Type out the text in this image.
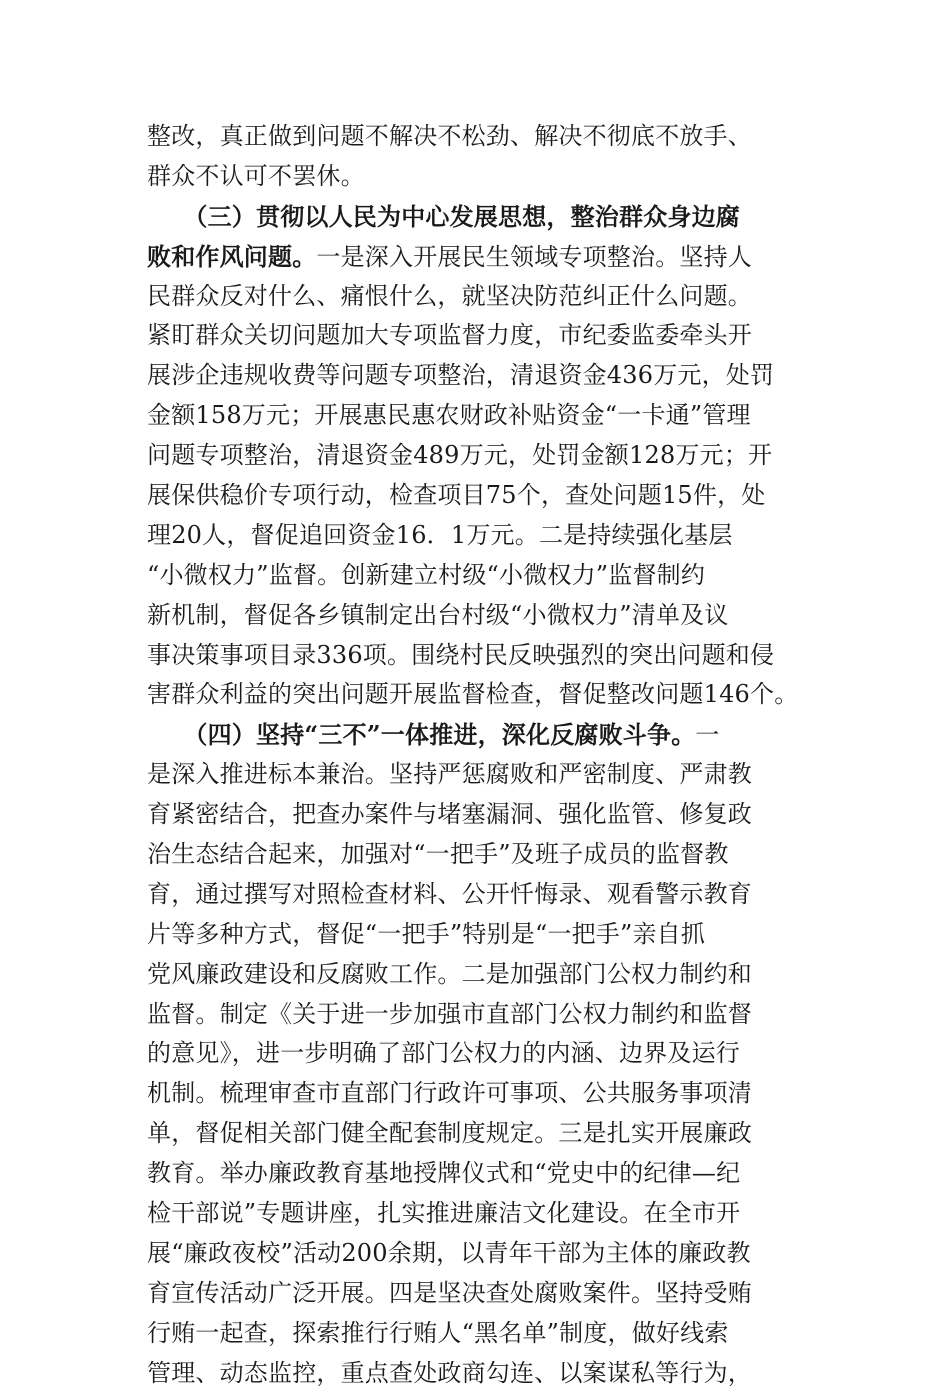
整改，真正做到问题不解决不松劲、解决不彻底不放手、
群众不认可不罢休。
　　（三）贯彻以人民为中心发展思想，整治群众身边腐
败和作风问题。一是深入开展民生领域专项整治。坚持人
民群众反对什么、痛恨什么，就坚决防范纠正什么问题。
紧盯群众关切问题加大专项监督力度，市纪委监委牵头开
展涉企违规收费等问题专项整治，清退资金436万元，处罚
金额158万元；开展惠民惠农财政补贴资金“一卡通”管理
问题专项整治，清退资金489万元，处罚金额128万元；开
展保供稳价专项行动，检查项目75个，查处问题15件，处
理20人，督促追回资金16．1万元。二是持续强化基层
“小微权力”监督。创新建立村级“小微权力”监督制约
新机制，督促各乡镇制定出台村级“小微权力”清单及议
事决策事项目录336项。围绕村民反映强烈的突出问题和侵
害群众利益的突出问题开展监督检查，督促整改问题146个。
　　（四）坚持“三不”一体推进，深化反腐败斗争。一
是深入推进标本兼治。坚持严惩腐败和严密制度、严肃教
育紧密结合，把查办案件与堵塞漏洞、强化监管、修复政
治生态结合起来，加强对“一把手”及班子成员的监督教
育，通过撰写对照检查材料、公开忏悔录、观看警示教育
片等多种方式，督促“一把手”特别是“一把手”亲自抓
党风廉政建设和反腐败工作。二是加强部门公权力制约和
监督。制定《关于进一步加强市直部门公权力制约和监督
的意见》，进一步明确了部门公权力的内涵、边界及运行
机制。梳理审查市直部门行政许可事项、公共服务事项清
单，督促相关部门健全配套制度规定。三是扎实开展廉政
教育。举办廉政教育基地授牌仪式和“党史中的纪律—纪
检干部说”专题讲座，扎实推进廉洁文化建设。在全市开
展“廉政夜校”活动200余期，以青年干部为主体的廉政教
育宣传活动广泛开展。四是坚决查处腐败案件。坚持受贿
行贿一起查，探索推行行贿人“黑名单”制度，做好线索
管理、动态监控，重点查处政商勾连、以案谋私等行为，
